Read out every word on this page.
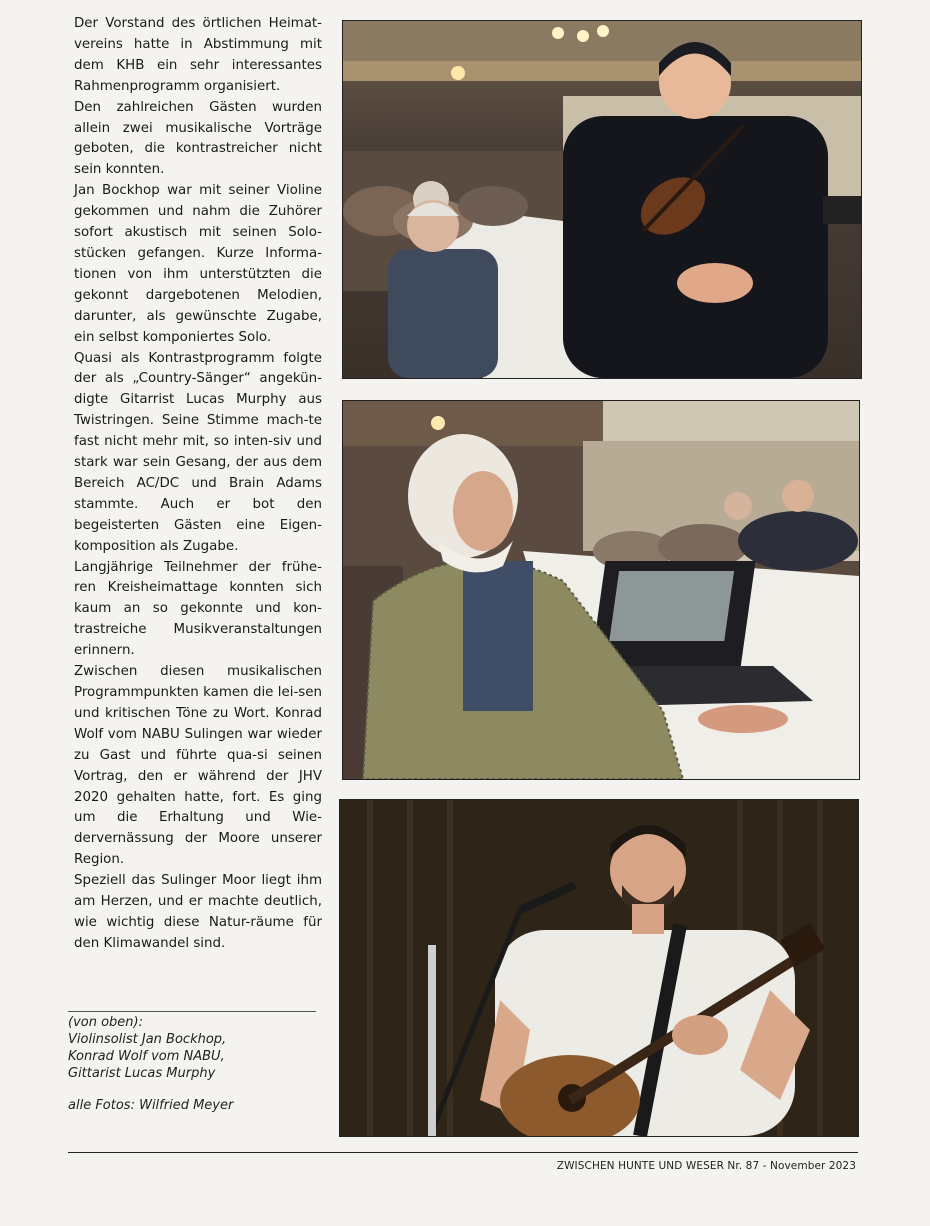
Der Vorstand des örtlichen Heimat-vereins hatte in Abstimmung mit dem KHB ein sehr interessantes Rahmenprogramm organisiert.

Den zahlreichen Gästen wurden allein zwei musikalische Vorträge geboten, die kontrastreicher nicht sein konnten.

Jan Bockhop war mit seiner Violine gekommen und nahm die Zuhörer sofort akustisch mit seinen Solo-stücken gefangen. Kurze Informa-tionen von ihm unterstützten die gekonnt dargebotenen Melodien, darunter, als gewünschte Zugabe, ein selbst komponiertes Solo.

Quasi als Kontrastprogramm folgte der als „Country-Sänger“ angekün-digte Gitarrist Lucas Murphy aus Twistringen. Seine Stimme mach-te fast nicht mehr mit, so inten-siv und stark war sein Gesang, der aus dem Bereich AC/DC und Brain Adams stammte. Auch er bot den begeisterten Gästen eine Eigen-komposition als Zugabe.

Langjährige Teilnehmer der frühe-ren Kreisheimattage konnten sich kaum an so gekonnte und kon-trastreiche Musikveranstaltungen erinnern.

Zwischen diesen musikalischen Programmpunkten kamen die lei-sen und kritischen Töne zu Wort. Konrad Wolf vom NABU Sulingen war wieder zu Gast und führte qua-si seinen Vortrag, den er während der JHV 2020 gehalten hatte, fort. Es ging um die Erhaltung und Wie-dervernässung der Moore unserer Region.

Speziell das Sulinger Moor liegt ihm am Herzen, und er machte deutlich, wie wichtig diese Natur-räume für den Klimawandel sind.

(von oben):
Violinsolist Jan Bockhop,
Konrad Wolf vom NABU,
Gittarist Lucas Murphy
alle Fotos: Wilfried Meyer
ZWISCHEN HUNTE UND WESER Nr. 87 - November 2023
